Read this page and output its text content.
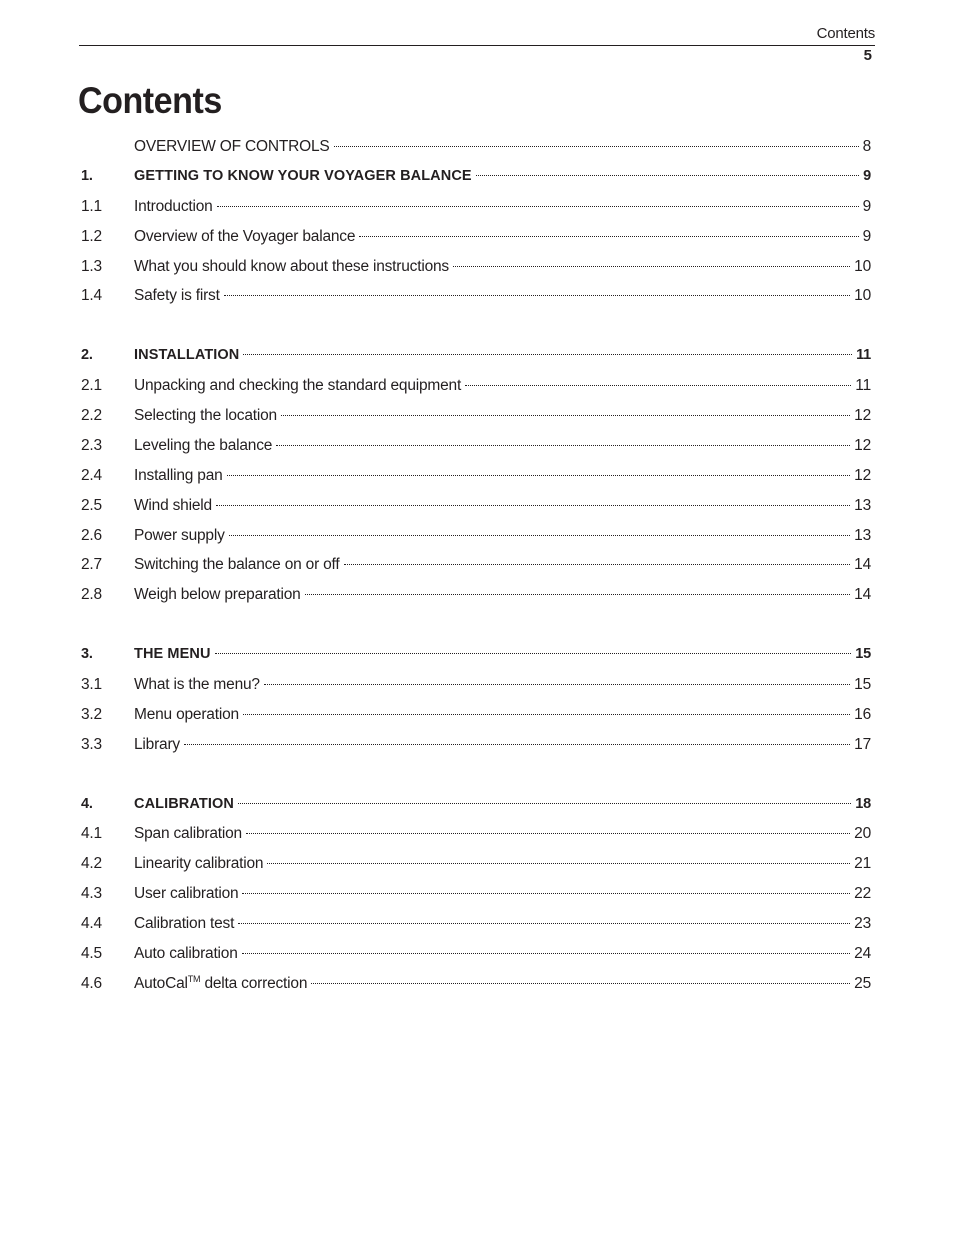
Contents
5
Contents
OVERVIEW OF CONTROLS	8
1.	GETTING TO KNOW YOUR VOYAGER BALANCE	9
1.1	Introduction	9
1.2	Overview of the Voyager balance	9
1.3	What you should know about these instructions	10
1.4	Safety is first	10
2.	INSTALLATION	11
2.1	Unpacking and checking the standard equipment	11
2.2	Selecting the location	12
2.3	Leveling the balance	12
2.4	Installing pan	12
2.5	Wind shield	13
2.6	Power supply	13
2.7	Switching the balance on or off	14
2.8	Weigh below preparation	14
3.	THE MENU	15
3.1	What is the menu?	15
3.2	Menu operation	16
3.3	Library	17
4.	CALIBRATION	18
4.1	Span calibration	20
4.2	Linearity calibration	21
4.3	User calibration	22
4.4	Calibration test	23
4.5	Auto calibration	24
4.6	AutoCal™ delta correction	25
